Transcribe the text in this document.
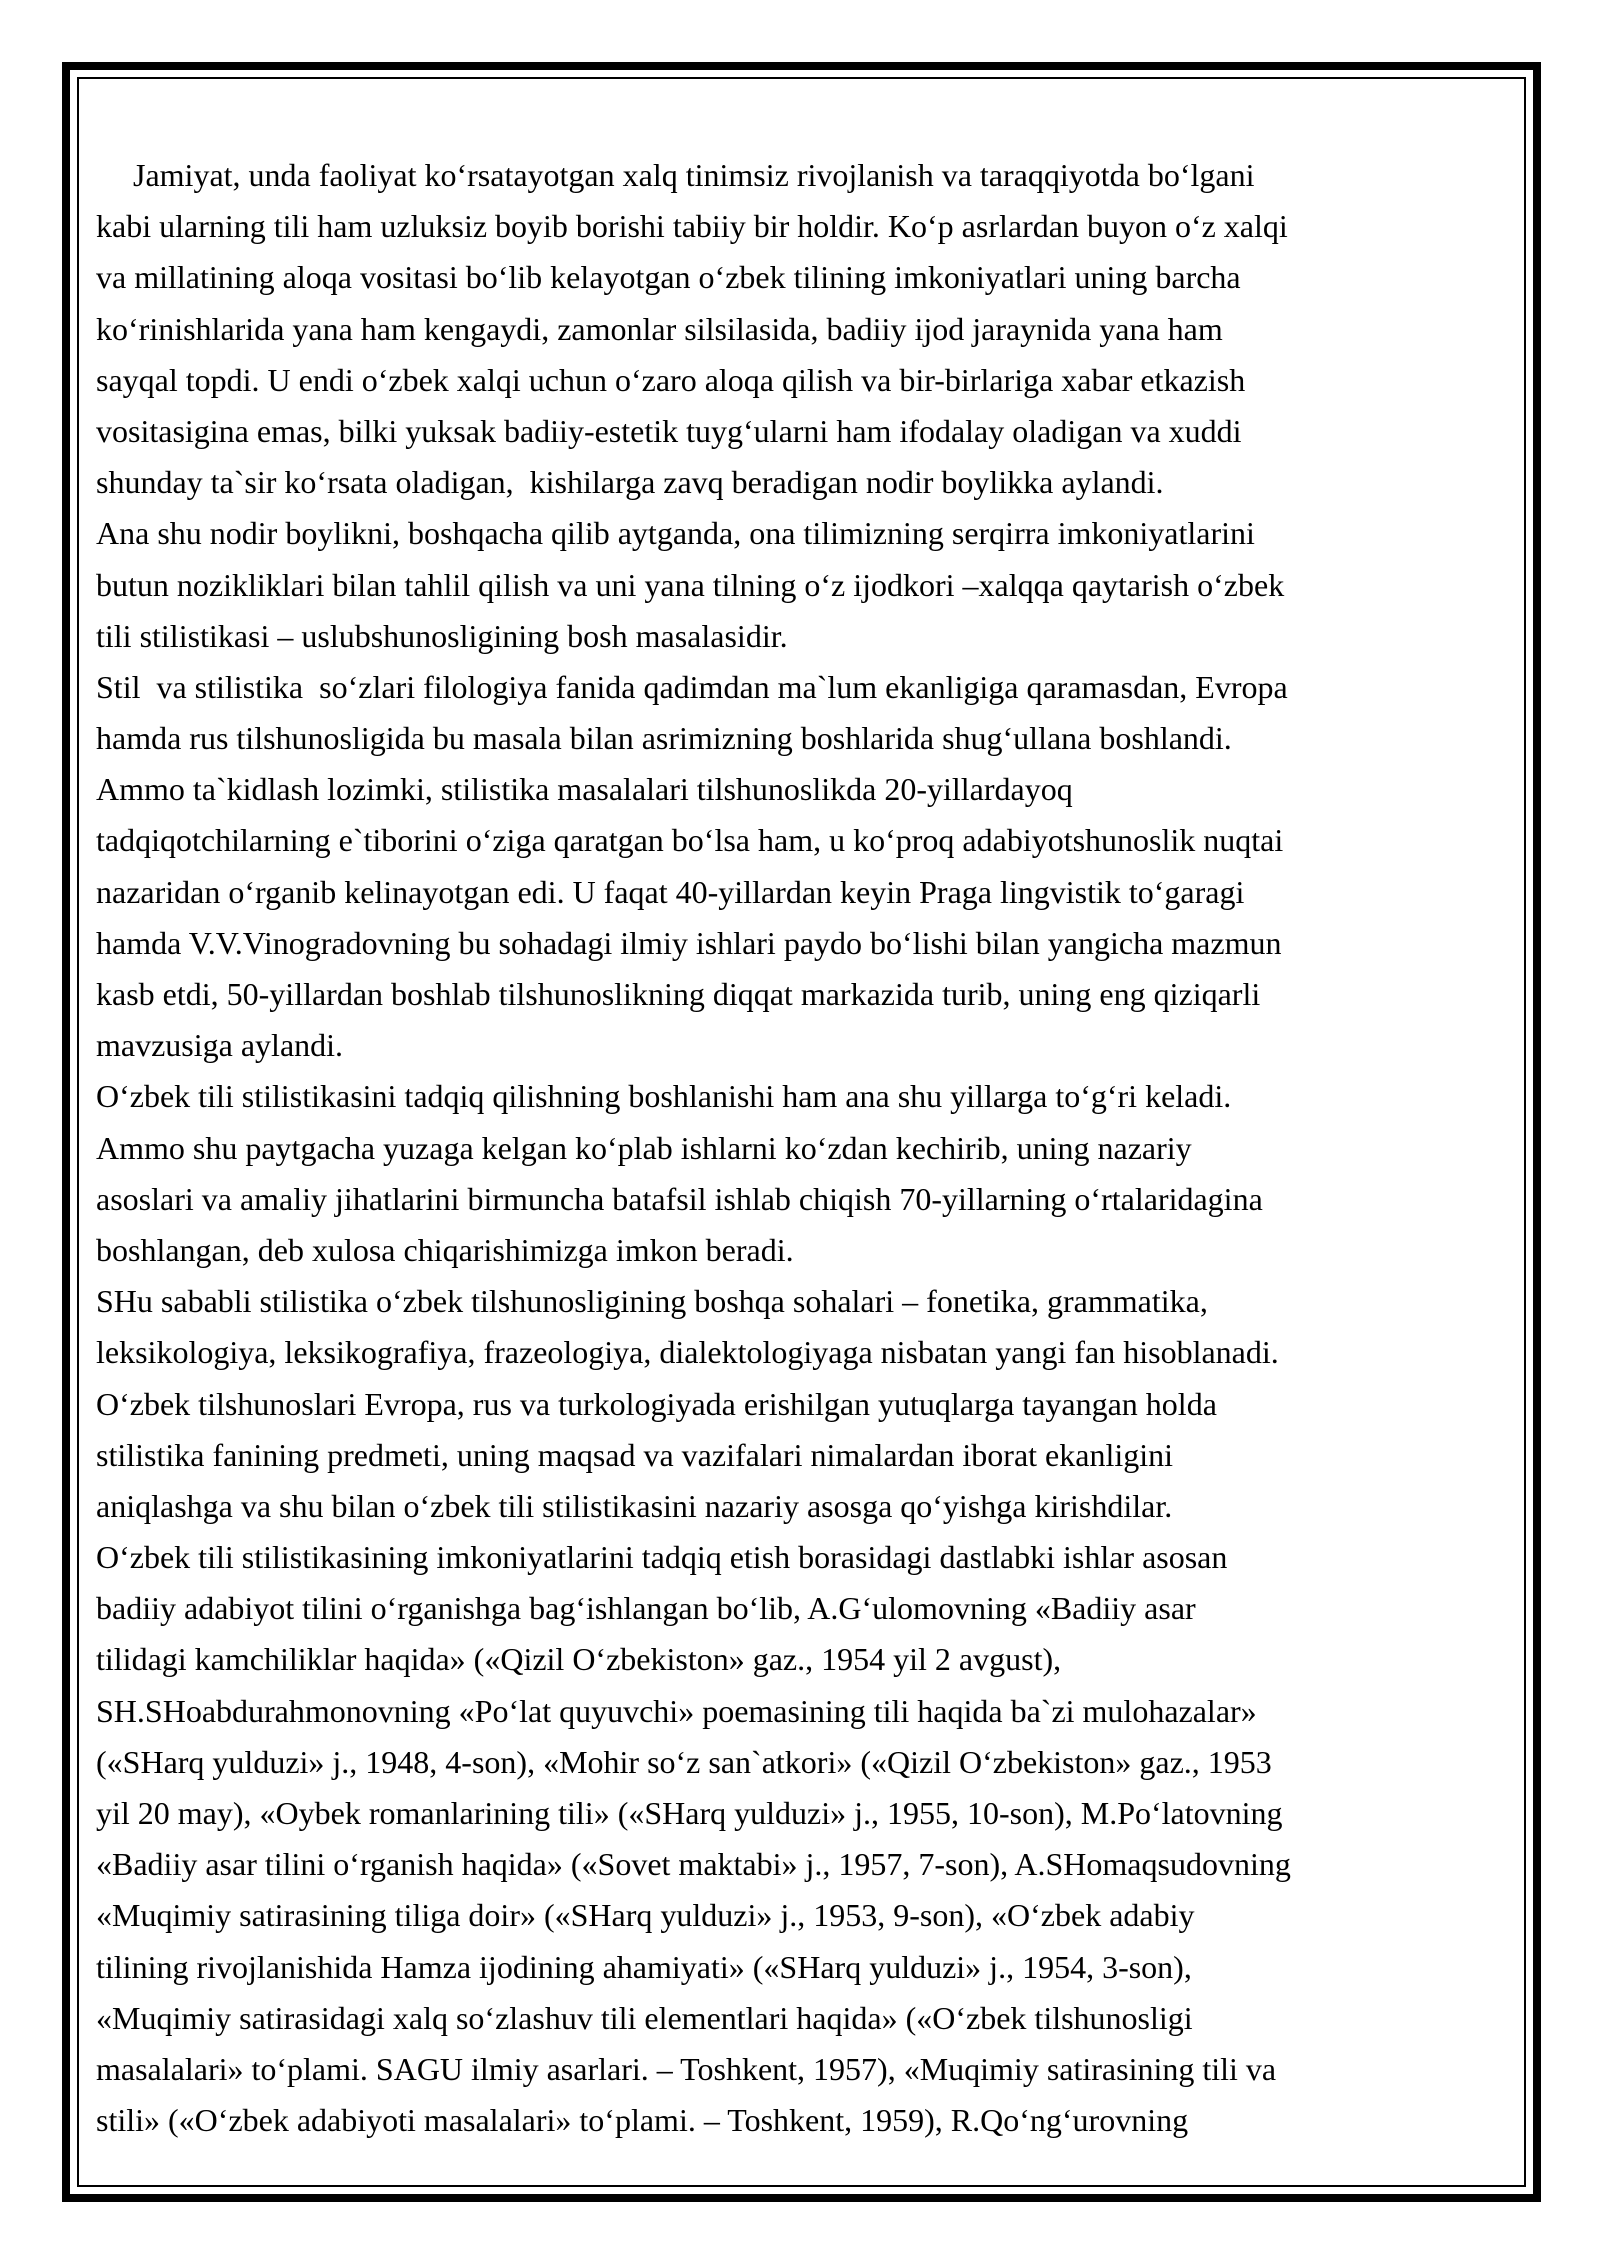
Jamiyat, unda faoliyat ko‘rsatayotgan xalq tinimsiz rivojlanish va taraqqiyotda bo‘lgani
kabi ularning tili ham uzluksiz boyib borishi tabiiy bir holdir. Ko‘p asrlardan buyon o‘z xalqi
va millatining aloqa vositasi bo‘lib kelayotgan o‘zbek tilining imkoniyatlari uning barcha
ko‘rinishlarida yana ham kengaydi, zamonlar silsilasida, badiiy ijod jaraynida yana ham
sayqal topdi. U endi o‘zbek xalqi uchun o‘zaro aloqa qilish va bir-birlariga xabar etkazish
vositasigina emas, bilki yuksak badiiy-estetik tuyg‘ularni ham ifodalay oladigan va xuddi
shunday ta`sir ko‘rsata oladigan,  kishilarga zavq beradigan nodir boylikka aylandi.

Ana shu nodir boylikni, boshqacha qilib aytganda, ona tilimizning serqirra imkoniyatlarini
butun nozikliklari bilan tahlil qilish va uni yana tilning o‘z ijodkori –xalqqa qaytarish o‘zbek
tili stilistikasi – uslubshunosligining bosh masalasidir.

Stil  va stilistika  so‘zlari filologiya fanida qadimdan ma`lum ekanligiga qaramasdan, Evropa
hamda rus tilshunosligida bu masala bilan asrimizning boshlarida shug‘ullana boshlandi.
Ammo ta`kidlash lozimki, stilistika masalalari tilshunoslikda 20-yillardayoq
tadqiqotchilarning e`tiborini o‘ziga qaratgan bo‘lsa ham, u ko‘proq adabiyotshunoslik nuqtai
nazaridan o‘rganib kelinayotgan edi. U faqat 40-yillardan keyin Praga lingvistik to‘garagi
hamda V.V.Vinogradovning bu sohadagi ilmiy ishlari paydo bo‘lishi bilan yangicha mazmun
kasb etdi, 50-yillardan boshlab tilshunoslikning diqqat markazida turib, uning eng qiziqarli
mavzusiga aylandi.

O‘zbek tili stilistikasini tadqiq qilishning boshlanishi ham ana shu yillarga to‘g‘ri keladi.
Ammo shu paytgacha yuzaga kelgan ko‘plab ishlarni ko‘zdan kechirib, uning nazariy
asoslari va amaliy jihatlarini birmuncha batafsil ishlab chiqish 70-yillarning o‘rtalaridagina
boshlangan, deb xulosa chiqarishimizga imkon beradi.

SHu sababli stilistika o‘zbek tilshunosligining boshqa sohalari – fonetika, grammatika,
leksikologiya, leksikografiya, frazeologiya, dialektologiyaga nisbatan yangi fan hisoblanadi.
O‘zbek tilshunoslari Evropa, rus va turkologiyada erishilgan yutuqlarga tayangan holda
stilistika fanining predmeti, uning maqsad va vazifalari nimalardan iborat ekanligini
aniqlashga va shu bilan o‘zbek tili stilistikasini nazariy asosga qo‘yishga kirishdilar.

O‘zbek tili stilistikasining imkoniyatlarini tadqiq etish borasidagi dastlabki ishlar asosan
badiiy adabiyot tilini o‘rganishga bag‘ishlangan bo‘lib, A.G‘ulomovning «Badiiy asar
tilidagi kamchiliklar haqida» («Qizil O‘zbekiston» gaz., 1954 yil 2 avgust),
SH.SHoabdurahmonovning «Po‘lat quyuvchi» poemasining tili haqida ba`zi mulohazalar»
(«SHarq yulduzi» j., 1948, 4-son), «Mohir so‘z san`atkori» («Qizil O‘zbekiston» gaz., 1953
yil 20 may), «Oybek romanlarining tili» («SHarq yulduzi» j., 1955, 10-son), M.Po‘latovning
«Badiiy asar tilini o‘rganish haqida» («Sovet maktabi» j., 1957, 7-son), A.SHomaqsudovning
«Muqimiy satirasining tiliga doir» («SHarq yulduzi» j., 1953, 9-son), «O‘zbek adabiy
tilining rivojlanishida Hamza ijodining ahamiyati» («SHarq yulduzi» j., 1954, 3-son),
«Muqimiy satirasidagi xalq so‘zlashuv tili elementlari haqida» («O‘zbek tilshunosligi
masalalari» to‘plami. SAGU ilmiy asarlari. – Toshkent, 1957), «Muqimiy satirasining tili va
stili» («O‘zbek adabiyoti masalalari» to‘plami. – Toshkent, 1959), R.Qo‘ng‘urovning
